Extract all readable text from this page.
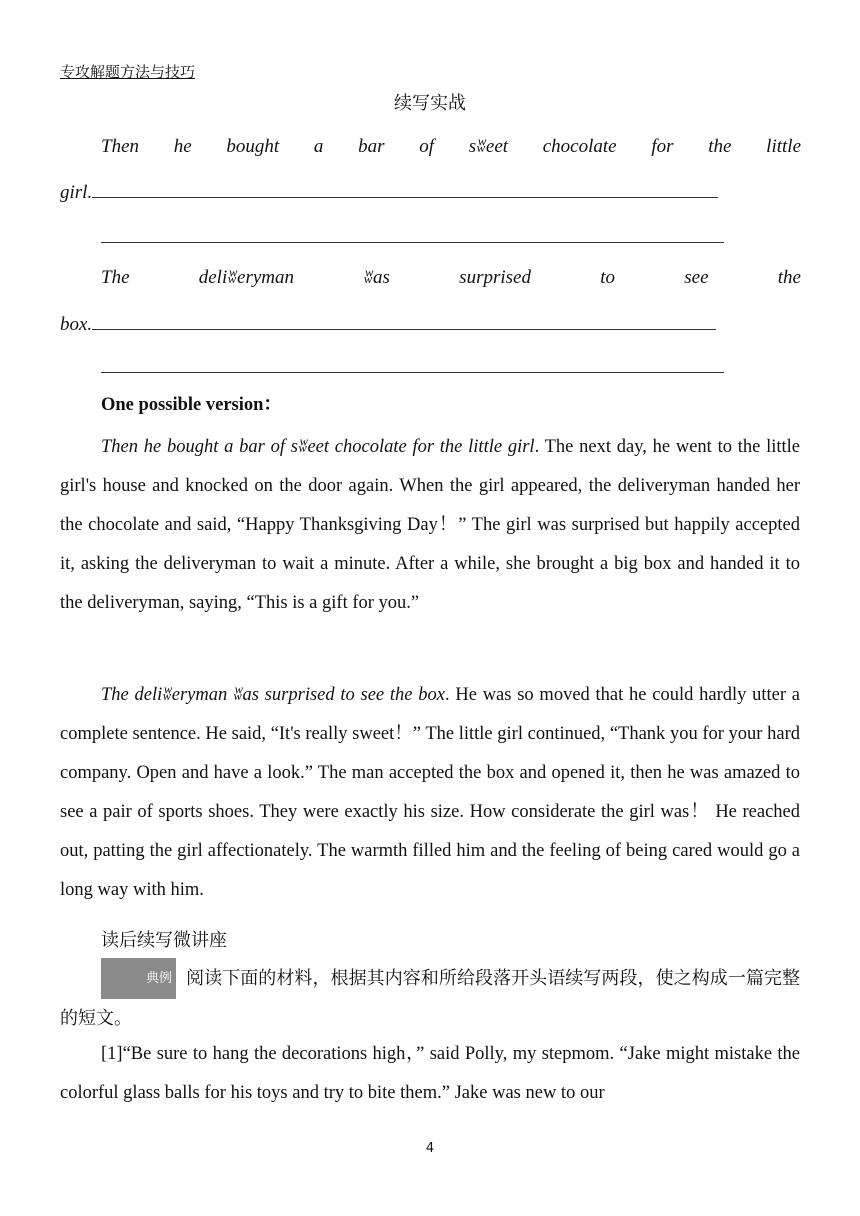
专攻解题方法与技巧
续写实战
Then he bought a bar of sʬeet chocolate for the little
girl.
The	deliʬeryman	ʬas	surprised	to	see	the
box.
One possible version：
Then he bought a bar of sʬeet chocolate for the little girl. The next day, he went to the little girl's house and knocked on the door again. When the girl appeared, the deliveryman handed her the chocolate and said, “Happy Thanksgiving Day！” The girl was surprised but happily accepted it, asking the deliveryman to wait a minute. After a while, she brought a big box and handed it to the deliveryman, saying, “This is a gift for you.”
The deliʬeryman ʬas surprised to see the box. He was so moved that he could hardly utter a complete sentence. He said, “It's really sweet！” The little girl continued, “Thank you for your hard company. Open and have a look.” The man accepted the box and opened it, then he was amazed to see a pair of sports shoes. They were exactly his size. How considerate the girl was！ He reached out, patting the girl affectionately. The warmth filled him and the feeling of being cared would go a long way with him.
读后续写微讲座
典例 阅读下面的材料，根据其内容和所给段落开头语续写两段，使之构成一篇完整的短文。
[1]“Be sure to hang the decorations high，” said Polly, my stepmom. “Jake might mistake the colorful glass balls for his toys and try to bite them.” Jake was new to our
4
